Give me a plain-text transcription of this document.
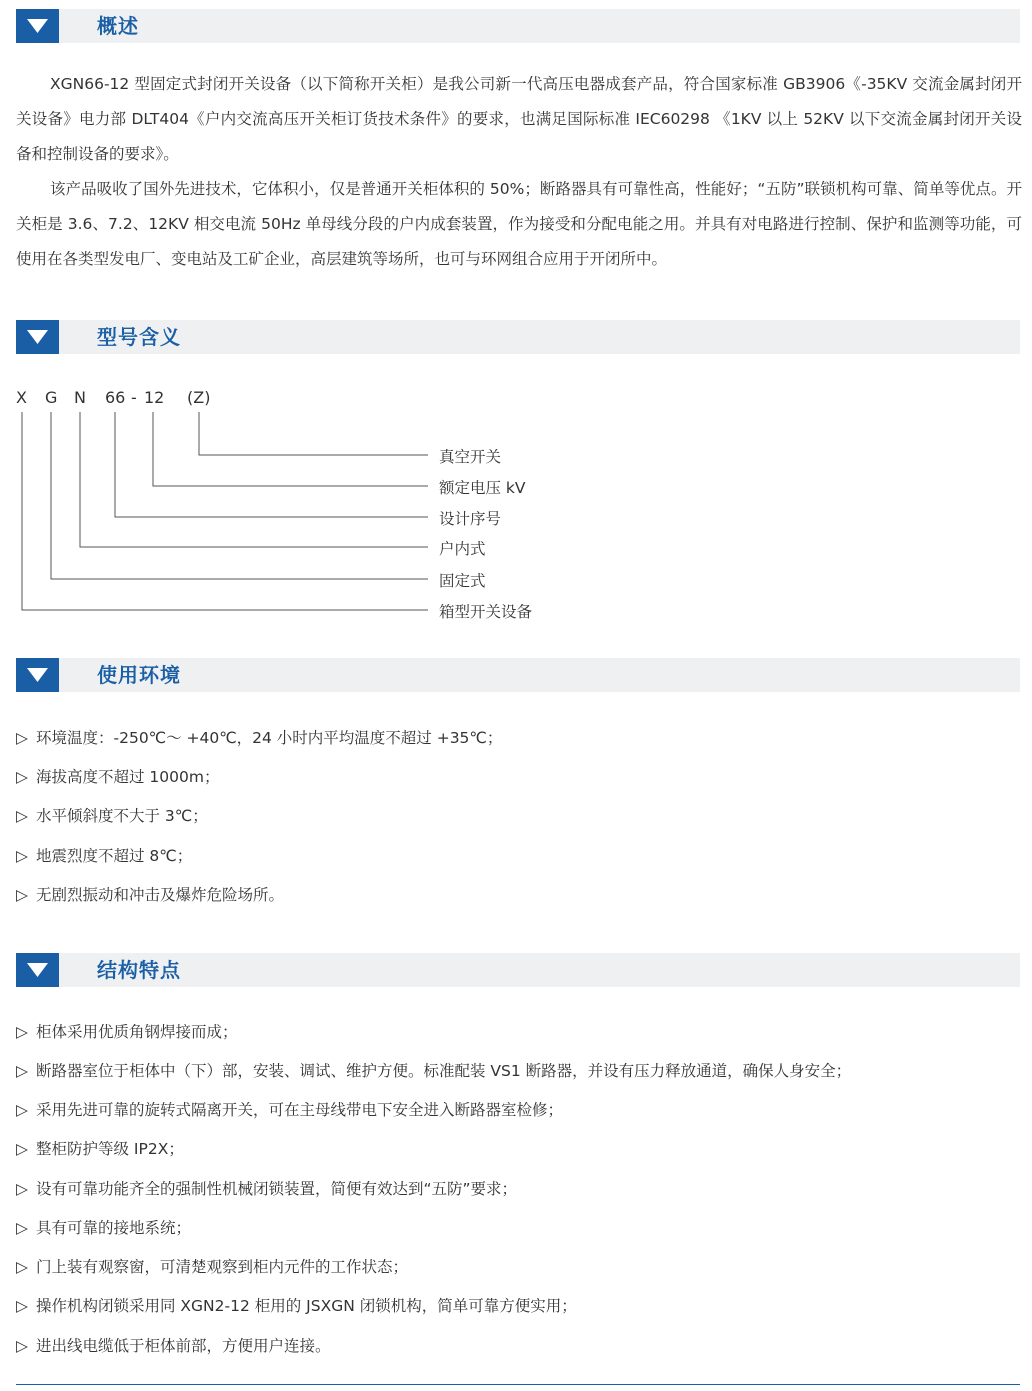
概述

XGN66-12 型固定式封闭开关设备（以下简称开关柜）是我公司新一代高压电器成套产品，符合国家标准 GB3906《-35KV 交流金属封闭开关设备》电力部 DLT404《户内交流高压开关柜订货技术条件》的要求，也满足国际标准 IEC60298 《1KV 以上 52KV 以下交流金属封闭开关设备和控制设备的要求》。

该产品吸收了国外先进技术，它体积小，仅是普通开关柜体积的 50%；断路器具有可靠性高，性能好；“五防”联锁机构可靠、简单等优点。开关柜是 3.6、7.2、12KV 相交电流 50Hz 单母线分段的户内成套装置，作为接受和分配电能之用。并具有对电路进行控制、保护和监测等功能，可使用在各类型发电厂、变电站及工矿企业，高层建筑等场所，也可与环网组合应用于开闭所中。

型号含义
X G N 66 - 12 (Z)
真空开关
额定电压 kV
设计序号
户内式
固定式
箱型开关设备
使用环境
▷ 环境温度：-250℃～ +40℃，24 小时内平均温度不超过 +35℃；
▷ 海拔高度不超过 1000m；
▷ 水平倾斜度不大于 3℃；
▷ 地震烈度不超过 8℃；
▷ 无剧烈振动和冲击及爆炸危险场所。
结构特点
▷ 柜体采用优质角钢焊接而成；
▷ 断路器室位于柜体中（下）部，安装、调试、维护方便。标准配装 VS1 断路器，并设有压力释放通道，确保人身安全；
▷ 采用先进可靠的旋转式隔离开关，可在主母线带电下安全进入断路器室检修；
▷ 整柜防护等级 IP2X；
▷ 设有可靠功能齐全的强制性机械闭锁装置，简便有效达到“五防”要求；
▷ 具有可靠的接地系统；
▷ 门上装有观察窗，可清楚观察到柜内元件的工作状态；
▷ 操作机构闭锁采用同 XGN2-12 柜用的 JSXGN 闭锁机构，简单可靠方便实用；
▷ 进出线电缆低于柜体前部，方便用户连接。
